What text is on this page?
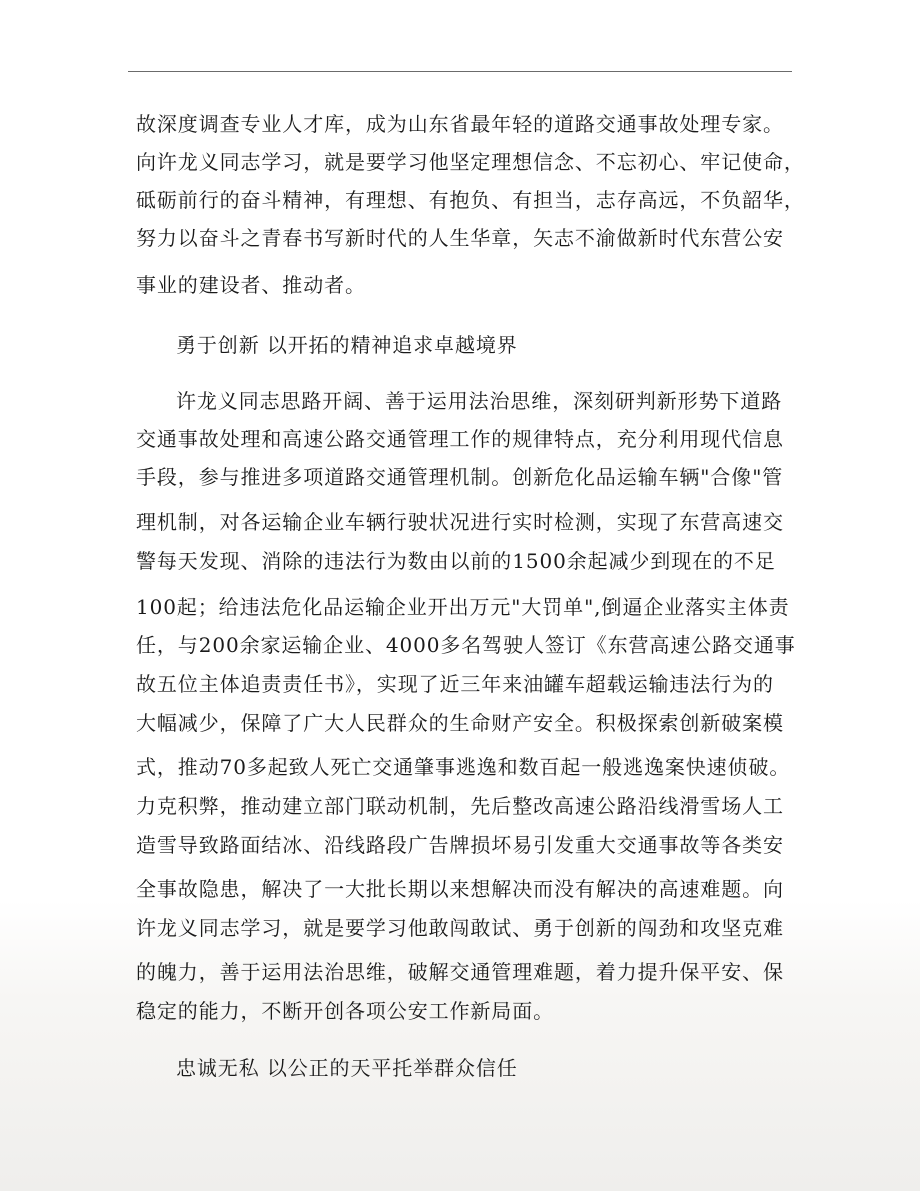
故深度调查专业人才库，成为山东省最年轻的道路交通事故处理专家。
向许龙义同志学习，就是要学习他坚定理想信念、不忘初心、牢记使命，
砥砺前行的奋斗精神，有理想、有抱负、有担当，志存高远，不负韶华，
努力以奋斗之青春书写新时代的人生华章，矢志不渝做新时代东营公安
事业的建设者、推动者。
勇于创新 以开拓的精神追求卓越境界
许龙义同志思路开阔、善于运用法治思维，深刻研判新形势下道路
交通事故处理和高速公路交通管理工作的规律特点，充分利用现代信息
手段，参与推进多项道路交通管理机制。创新危化品运输车辆"合像"管
理机制，对各运输企业车辆行驶状况进行实时检测，实现了东营高速交
警每天发现、消除的违法行为数由以前的1500余起减少到现在的不足
100起；给违法危化品运输企业开出万元"大罚单",倒逼企业落实主体责
任，与200余家运输企业、4000多名驾驶人签订《东营高速公路交通事
故五位主体追责责任书》，实现了近三年来油罐车超载运输违法行为的
大幅减少，保障了广大人民群众的生命财产安全。积极探索创新破案模
式，推动70多起致人死亡交通肇事逃逸和数百起一般逃逸案快速侦破。
力克积弊，推动建立部门联动机制，先后整改高速公路沿线滑雪场人工
造雪导致路面结冰、沿线路段广告牌损坏易引发重大交通事故等各类安
全事故隐患，解决了一大批长期以来想解决而没有解决的高速难题。向
许龙义同志学习，就是要学习他敢闯敢试、勇于创新的闯劲和攻坚克难
的魄力，善于运用法治思维，破解交通管理难题，着力提升保平安、保
稳定的能力，不断开创各项公安工作新局面。
忠诚无私 以公正的天平托举群众信任
